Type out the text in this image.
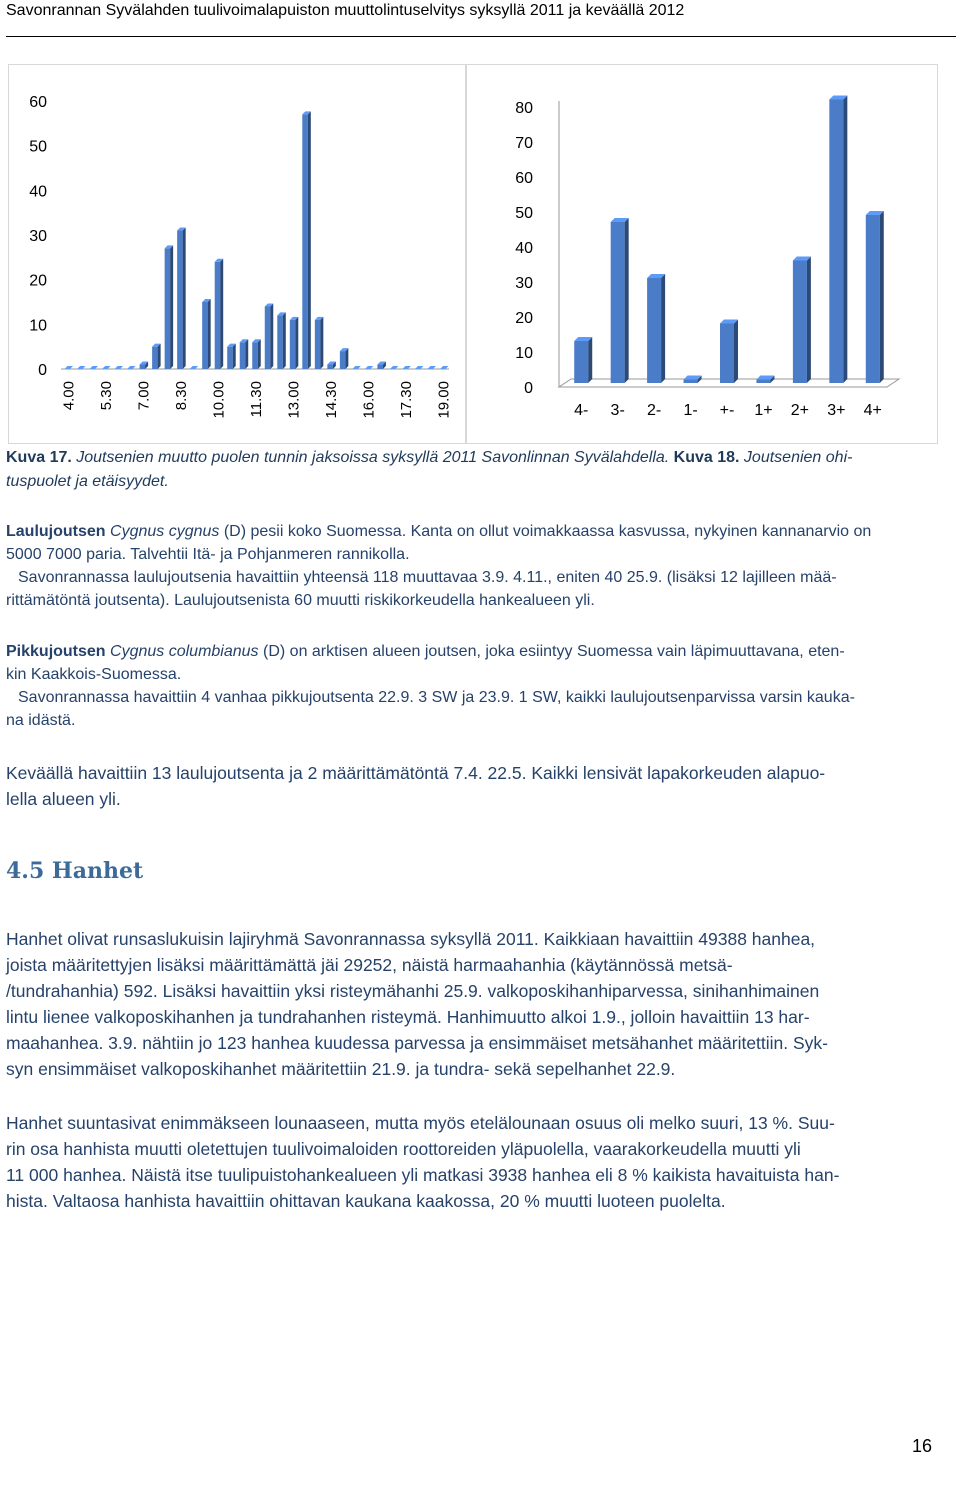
Savonrannan Syvälahden tuulivoimalapuiston muuttolintuselvitys syksyllä 2011 ja keväällä 2012
0
10
20
30
40
50
60
4.00 5.30 7.00 8.30 10.00 11.30 13.00 14.30 16.00 17.30 19.00	0
10
20
30
40
50
60
70
80
4- 3- 2- 1- +- 1+ 2+ 3+ 4+
Kuva 17. Joutsenien muutto puolen tunnin jaksoissa syksyllä 2011 Savonlinnan Syvälahdella. Kuva 18. Joutsenien ohi-
tuspuolet ja etäisyydet.
Laulujoutsen Cygnus cygnus (D) pesii koko Suomessa. Kanta on ollut voimakkaassa kasvussa, nykyinen kannanarvio on
5000 7000 paria. Talvehtii Itä- ja Pohjanmeren rannikolla.
Savonrannassa laulujoutsenia havaittiin yhteensä 118 muuttavaa 3.9. 4.11., eniten 40 25.9. (lisäksi 12 lajilleen mää-
rittämätöntä joutsenta). Laulujoutsenista 60 muutti riskikorkeudella hankealueen yli.
Pikkujoutsen Cygnus columbianus (D) on arktisen alueen joutsen, joka esiintyy Suomessa vain läpimuuttavana, eten-
kin Kaakkois-Suomessa.
Savonrannassa havaittiin 4 vanhaa pikkujoutsenta 22.9. 3 SW ja 23.9. 1 SW, kaikki laulujoutsenparvissa varsin kauka-
na idästä.
Keväällä havaittiin 13 laulujoutsenta ja 2 määrittämätöntä 7.4. 22.5. Kaikki lensivät lapakorkeuden alapuo-
lella alueen yli.
4.5 Hanhet
Hanhet olivat runsaslukuisin lajiryhmä Savonrannassa syksyllä 2011. Kaikkiaan havaittiin 49388 hanhea,
joista määritettyjen lisäksi määrittämättä jäi 29252, näistä harmaahanhia (käytännössä metsä-
/tundrahanhia) 592. Lisäksi havaittiin yksi risteymähanhi 25.9. valkoposkihanhiparvessa, sinihanhimainen
lintu lienee valkoposkihanhen ja tundrahanhen risteymä. Hanhimuutto alkoi 1.9., jolloin havaittiin 13 har-
maahanhea. 3.9. nähtiin jo 123 hanhea kuudessa parvessa ja ensimmäiset metsähanhet määritettiin. Syk-
syn ensimmäiset valkoposkihanhet määritettiin 21.9. ja tundra- sekä sepelhanhet 22.9.
Hanhet suuntasivat enimmäkseen lounaaseen, mutta myös etelälounaan osuus oli melko suuri, 13 %. Suu-
rin osa hanhista muutti oletettujen tuulivoimaloiden roottoreiden yläpuolella, vaarakorkeudella muutti yli
11 000 hanhea. Näistä itse tuulipuistohankealueen yli matkasi 3938 hanhea eli 8 % kaikista havaituista han-
hista. Valtaosa hanhista havaittiin ohittavan kaukana kaakossa, 20 % muutti luoteen puolelta.
16
